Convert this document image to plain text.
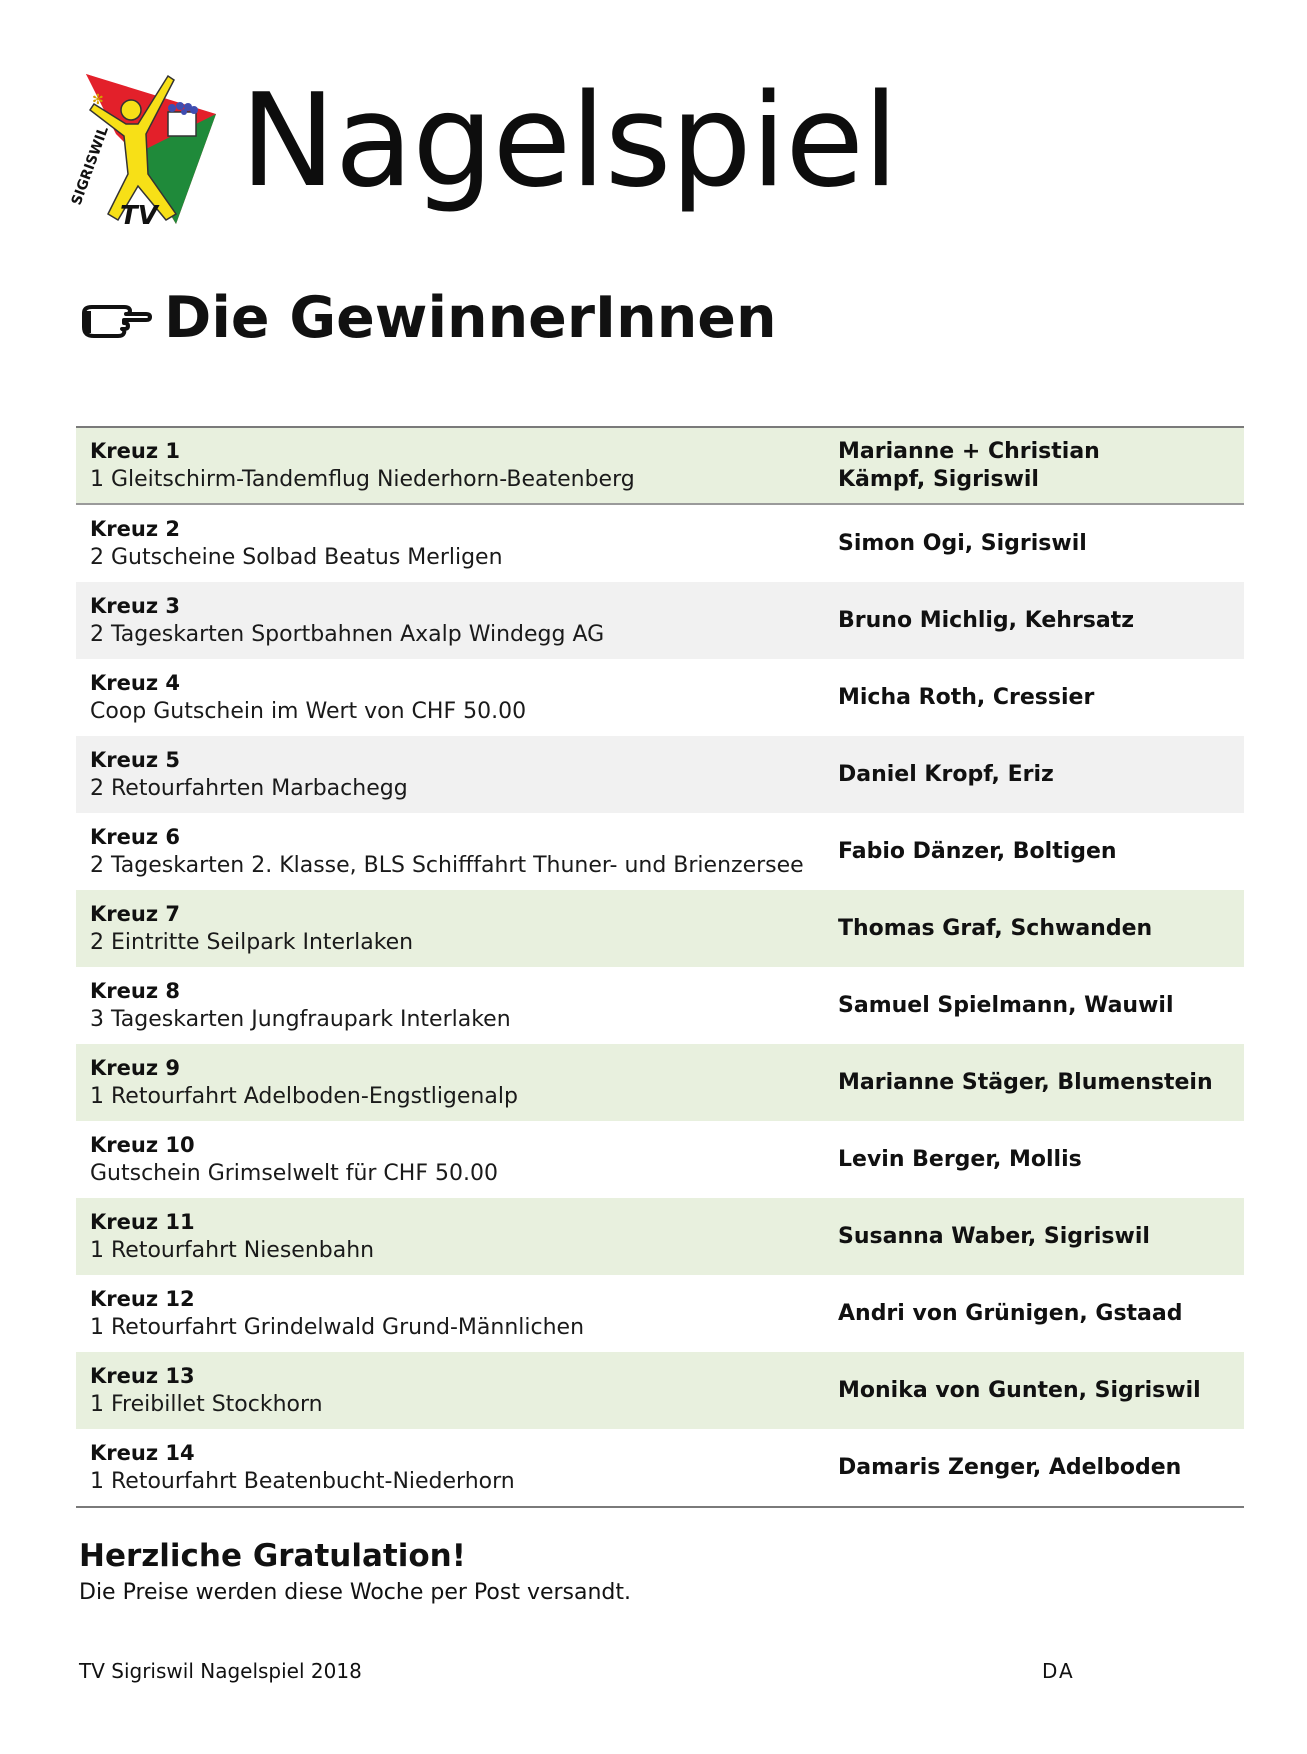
SIGRISWIL
TV
✻ Nagelspiel
Die GewinnerInnen
Kreuz 1
1 Gleitschirm-Tandemflug Niederhorn-Beatenberg
Marianne + Christian Kämpf, Sigriswil
Kreuz 2
2 Gutscheine Solbad Beatus Merligen
Simon Ogi, Sigriswil
Kreuz 3
2 Tageskarten Sportbahnen Axalp Windegg AG
Bruno Michlig, Kehrsatz
Kreuz 4
Coop Gutschein im Wert von CHF 50.00
Micha Roth, Cressier
Kreuz 5
2 Retourfahrten Marbachegg
Daniel Kropf, Eriz
Kreuz 6
2 Tageskarten 2. Klasse, BLS Schifffahrt Thuner- und Brienzersee
Fabio Dänzer, Boltigen
Kreuz 7
2 Eintritte Seilpark Interlaken
Thomas Graf, Schwanden
Kreuz 8
3 Tageskarten Jungfraupark Interlaken
Samuel Spielmann, Wauwil
Kreuz 9
1 Retourfahrt Adelboden-Engstligenalp
Marianne Stäger, Blumenstein
Kreuz 10
Gutschein Grimselwelt für CHF 50.00
Levin Berger, Mollis
Kreuz 11
1 Retourfahrt Niesenbahn
Susanna Waber, Sigriswil
Kreuz 12
1 Retourfahrt Grindelwald Grund-Männlichen
Andri von Grünigen, Gstaad
Kreuz 13
1 Freibillet Stockhorn
Monika von Gunten, Sigriswil
Kreuz 14
1 Retourfahrt Beatenbucht-Niederhorn
Damaris Zenger, Adelboden
Herzliche Gratulation!
Die Preise werden diese Woche per Post versandt.
TV Sigriswil Nagelspiel 2018	DA
